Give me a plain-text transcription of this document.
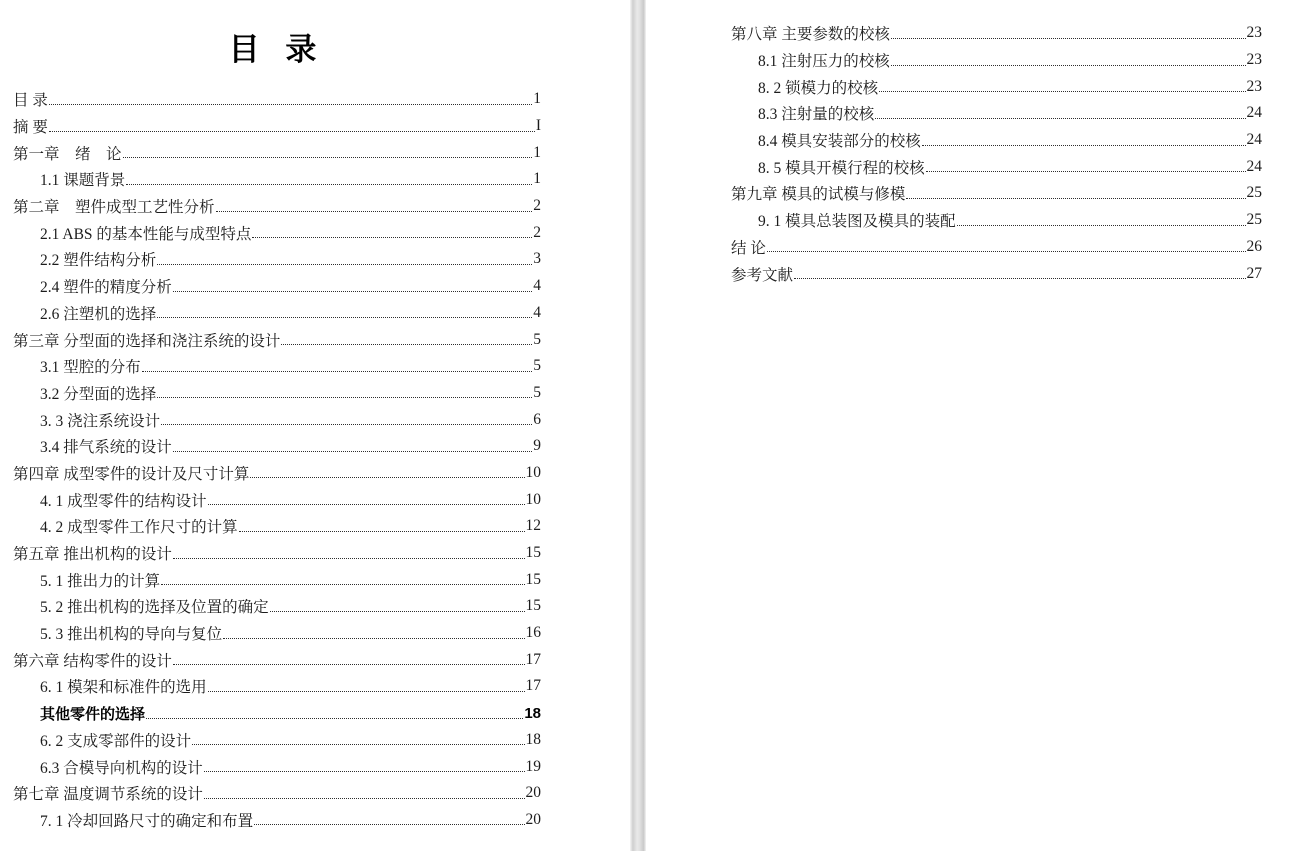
目 录
目 录	1
摘 要	I
第一章　绪　论	1
1.1 课题背景	1
第二章　塑件成型工艺性分析	2
2.1 ABS 的基本性能与成型特点	2
2.2 塑件结构分析	3
2.4 塑件的精度分析	4
2.6 注塑机的选择	4
第三章 分型面的选择和浇注系统的设计	5
3.1 型腔的分布	5
3.2 分型面的选择	5
3. 3 浇注系统设计	6
3.4 排气系统的设计	9
第四章 成型零件的设计及尺寸计算	10
4. 1 成型零件的结构设计	10
4. 2 成型零件工作尺寸的计算	12
第五章 推出机构的设计	15
5. 1 推出力的计算	15
5. 2 推出机构的选择及位置的确定	15
5. 3 推出机构的导向与复位	16
第六章 结构零件的设计	17
6. 1 模架和标准件的选用	17
其他零件的选择	18
6. 2 支成零部件的设计	18
6.3 合模导向机构的设计	19
第七章 温度调节系统的设计	20
7. 1 冷却回路尺寸的确定和布置	20
第八章 主要参数的校核	23
8.1 注射压力的校核	23
8. 2 锁模力的校核	23
8.3 注射量的校核	24
8.4 模具安装部分的校核	24
8. 5 模具开模行程的校核	24
第九章 模具的试模与修模	25
9. 1 模具总装图及模具的装配	25
结 论	26
参考文献	27
